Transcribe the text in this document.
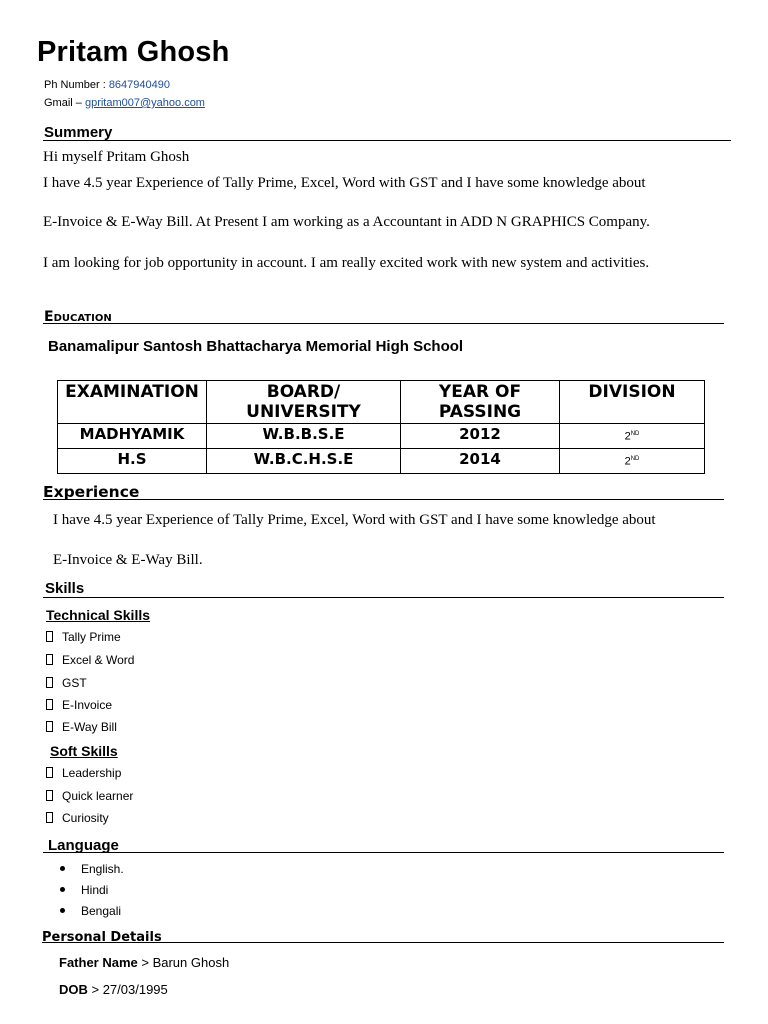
Pritam Ghosh
Ph Number : 8647940490
Gmail – gpritam007@yahoo.com
Summery
Hi myself Pritam Ghosh
I have 4.5 year Experience of Tally Prime, Excel, Word with GST and I have some knowledge about
E-Invoice & E-Way Bill. At Present I am working as a Accountant in ADD N GRAPHICS Company.
I am looking for job opportunity in account. I am really excited work with new system and activities.
Education
Banamalipur Santosh Bhattacharya Memorial High School
EXAMINATION	BOARD/ UNIVERSITY	YEAR OF PASSING	DIVISION
MADHYAMIK	W.B.B.S.E	2012	2ND
H.S	W.B.C.H.S.E	2014	2ND
Experience
I have 4.5 year Experience of Tally Prime, Excel, Word with GST and I have some knowledge about
E-Invoice & E-Way Bill.
Skills
Technical Skills
Tally Prime
Excel & Word
GST
E-Invoice
E-Way Bill
Soft Skills
Leadership
Quick learner
Curiosity
Language
English.
Hindi
Bengali
Personal Details
Father Name > Barun Ghosh
DOB > 27/03/1995
